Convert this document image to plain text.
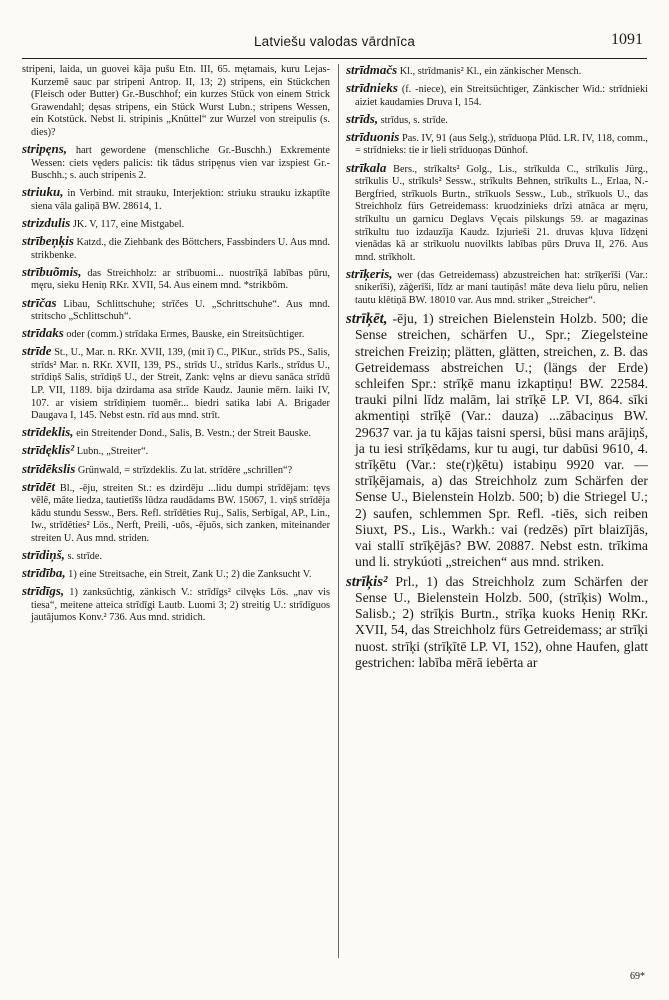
Latviešu valodas vārdnīca	1091

stripeni, laida, un guovei kāja pušu Etn. III, 65. mętamais, kuru Lejas-Kurzemē sauc par stripeni Antrop. II, 13; 2) stripens, ein Stückchen (Fleisch oder Butter) Gr.-Buschhof; ein kurzes Stück von einem Strick Grawendahl; dęsas stripens, ein Stück Wurst Lubn.; stripens Wessen, ein Kotstück. Nebst li. stripinis „Knüttel“ zur Wurzel von streipulis (s. dies)?

stripęns, hart gewordene (menschliche Gr.-Buschh.) Exkremente Wessen: ciets vęders palicis: tik tādus stripęnus vien var izspiest Gr.-Buschh.; s. auch stripenis 2.

striuku, in Verbind. mit strauku, Interjektion: striuku strauku izkaptīte siena vāla galiņā BW. 28614, 1.

strizdulis JK. V, 117, eine Mistgabel.

strībeņķis Katzd., die Ziehbank des Böttchers, Fassbinders U. Aus mnd. strikbenke.

strībuõmis, das Streichholz: ar strībuomi... nuostrīķā labības pūru, męru, sieku Heniņ RKr. XVII, 54. Aus einem mnd. *strikbōm.

strīčas Libau, Schlittschuhe; strīčes U. „Schrittschuhe“. Aus mnd. stritscho „Schlittschuh“.

strīdaks oder (comm.) strīdaka Ermes, Bauske, ein Streitsüchtiger.

strīde St., U., Mar. n. RKr. XVII, 139, (mit ī) C., PlKur., strīds PS., Salis, strīds² Mar. n. RKr. XVII, 139, PS., strīds U., strīdus Karls., strīdus U., strīdiņš Salis, strīdiņš U., der Streit, Zank: vęlns ar dievu sanāca strīdū LP. VII, 1189. bija dzirdama asa strīde Kaudz. Jaunie mērn. laiki IV, 107. ar visiem strīdiņiem tuomēr... biedri satika labi A. Brigader Daugava I, 145. Nebst estn. rīd aus mnd. strīt.

strīdeklis, ein Streitender Dond., Salis, B. Vestn.; der Streit Bauske.

strīdęklis² Lubn., „Streiter“.

strīdēkslis Grünwald, = strīzdeklis. Zu lat. strīdēre „schrillen“?

strīdēt Bl., -ēju, streiten St.: es dzirdēju ...lidu dumpi strīdējam: tęvs vēlē, māte liedza, tautietīšs lūdza raudādams BW. 15067, 1. viņš strīdēja kādu stundu Sessw., Bers. Refl. strīdēties Ruj., Salis, Serbigal, AP., Lin., Iw., strīdēties² Lös., Nerft, Preili, -uõs, -ējuõs, sich zanken, miteinander streiten U. Aus mnd. striden.

strīdiņš, s. strīde.

strīdība, 1) eine Streitsache, ein Streit, Zank U.; 2) die Zanksucht V.

strīdīgs, 1) zanksüchtig, zänkisch V.: strīdīgs² cilvęks Lös. „nav vis tiesa“, meitene atteica strīdīgi Lautb. Luomi 3; 2) streitig U.: strīdīguos jautājumos Konv.² 736. Aus mnd. stridich.

strīdmačs Kl., strīdmanis² Kl., ein zänkischer Mensch.

strīdnieks (f. -niece), ein Streitsüchtiger, Zänkischer Wid.: strīdnieki aiziet kaudamies Druva I, 154.

strīds, strīdus, s. strīde.

strīduonis Pas. IV, 91 (aus Selg.), strīduoņa Plūd. LR. IV, 118, comm., = strīdnieks: tie ir lieli strīduoņas Dünhof.

strīkala Bers., strīkalts² Golg., Lis., strīkulda C., strīkulis Jürg., strīkulis U., strīkuls² Sessw., strīkults Behnen, strīkults L., Erlaa, N.-Bergfried, strīkuols Burtn., strīkuols Sessw., Lub., strīkuols U., das Streichholz fürs Getreidemass: kruodzinieks drīzi atnāca ar męru, strīkultu un garnicu Deglavs Vęcais pilskungs 59. ar magazinas strīkultu tuo izdauzīja Kaudz. Izjurieši 21. druvas kļuva līdzęni vienādas kā ar strīkuolu nuovilkts labības pūrs Druva II, 276. Aus mnd. strīkholt.

strīķeris, wer (das Getreidemass) abzustreichen hat: strīķerīši (Var.: snikerīši), zāģerīši, līdz ar mani tautiņās! māte deva lielu pūru, nelien tautu klētiņā BW. 18010 var. Aus mnd. striker „Streicher“.

strīķēt, -ēju, 1) streichen Bielenstein Holzb. 500; die Sense streichen, schärfen U., Spr.; Ziegelsteine streichen Freiziņ; plätten, glätten, streichen, z. B. das Getreidemass abstreichen U.; (längs der Erde) schleifen Spr.: strīķē manu izkaptiņu! BW. 22584. trauki pilni līdz malām, lai strīķē LP. VI, 864. sīki akmentiņi strīķē (Var.: dauza) ...zābaciņus BW. 29637 var. ja tu kājas taisni spersi, būsi mans arājiņš, ja tu iesi strīķēdams, kur tu augi, tur dabūsi 9610, 4. strīķētu (Var.: ste(r)ķētu) istabiņu 9920 var. — strīķējamais, a) das Streichholz zum Schärfen der Sense U., Bielenstein Holzb. 500; b) die Striegel U.; 2) saufen, schlemmen Spr. Refl. -tiēs, sich reiben Siuxt, PS., Lis., Warkh.: vai (redzēs) pīrt blaizījās, vai stallī strīķējās? BW. 20887. Nebst estn. trīkima und li. strykúoti „streichen“ aus mnd. striken.

strīķis² Prl., 1) das Streichholz zum Schärfen der Sense U., Bielenstein Holzb. 500, (strīķis) Wolm., Salisb.; 2) strīķis Burtn., strīķa kuoks Heniņ RKr. XVII, 54, das Streichholz fürs Getreidemass; ar strīķi nuost. strīķi (strīķītē LP. VI, 152), ohne Haufen, glatt gestrichen: labība mērā iebērta ar

69*
